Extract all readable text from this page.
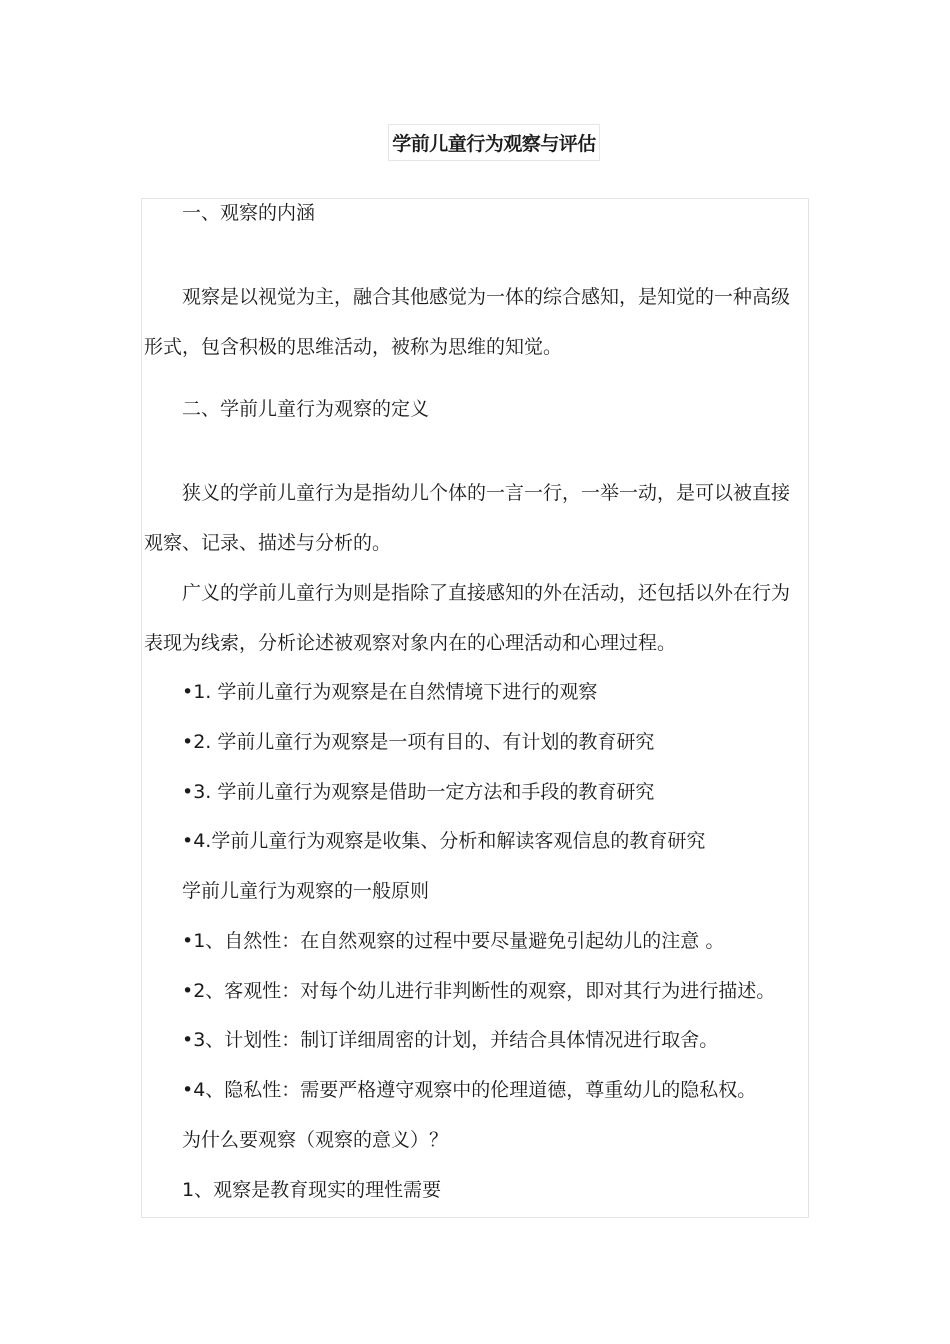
学前儿童行为观察与评估
一、观察的内涵
观察是以视觉为主，融合其他感觉为一体的综合感知，是知觉的一种高级
形式，包含积极的思维活动，被称为思维的知觉。
二、学前儿童行为观察的定义
狭义的学前儿童行为是指幼儿个体的一言一行，一举一动，是可以被直接
观察、记录、描述与分析的。
广义的学前儿童行为则是指除了直接感知的外在活动，还包括以外在行为
表现为线索，分析论述被观察对象内在的心理活动和心理过程。
•1. 学前儿童行为观察是在自然情境下进行的观察
•2. 学前儿童行为观察是一项有目的、有计划的教育研究
•3. 学前儿童行为观察是借助一定方法和手段的教育研究
•4.学前儿童行为观察是收集、分析和解读客观信息的教育研究
学前儿童行为观察的一般原则
•1、自然性：在自然观察的过程中要尽量避免引起幼儿的注意 。
•2、客观性：对每个幼儿进行非判断性的观察，即对其行为进行描述。
•3、计划性：制订详细周密的计划，并结合具体情况进行取舍。
•4、隐私性：需要严格遵守观察中的伦理道德，尊重幼儿的隐私权。
为什么要观察（观察的意义）？
1、观察是教育现实的理性需要
